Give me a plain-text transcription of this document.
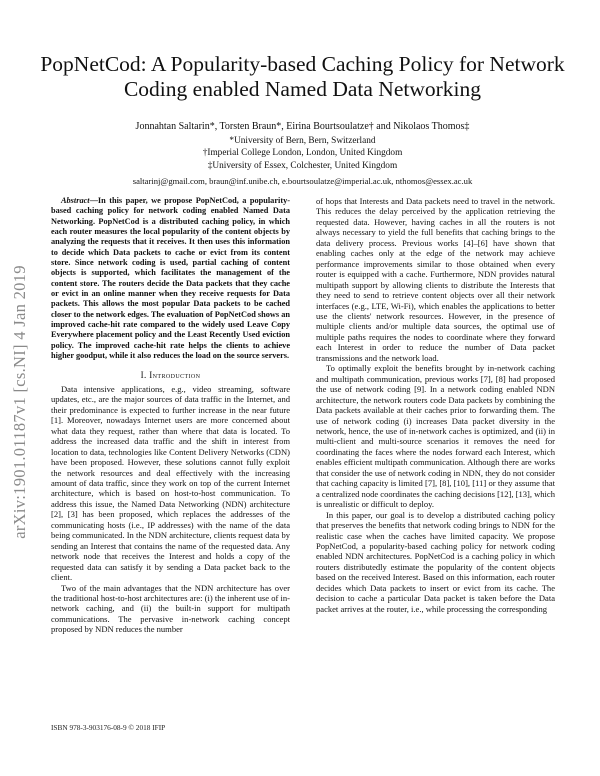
arXiv:1901.01187v1 [cs.NI] 4 Jan 2019
PopNetCod: A Popularity-based Caching Policy for Network Coding enabled Named Data Networking
Jonnahtan Saltarin*, Torsten Braun*, Eirina Bourtsoulatze† and Nikolaos Thomos‡
*University of Bern, Bern, Switzerland
†Imperial College London, London, United Kingdom
‡University of Essex, Colchester, United Kingdom
saltarinj@gmail.com, braun@inf.unibe.ch, e.bourtsoulatze@imperial.ac.uk, nthomos@essex.ac.uk

Abstract—In this paper, we propose PopNetCod, a popularity-based caching policy for network coding enabled Named Data Networking. PopNetCod is a distributed caching policy, in which each router measures the local popularity of the content objects by analyzing the requests that it receives. It then uses this information to decide which Data packets to cache or evict from its content store. Since network coding is used, partial caching of content objects is supported, which facilitates the management of the content store. The routers decide the Data packets that they cache or evict in an online manner when they receive requests for Data packets. This allows the most popular Data packets to be cached closer to the network edges. The evaluation of PopNetCod shows an improved cache-hit rate compared to the widely used Leave Copy Everywhere placement policy and the Least Recently Used eviction policy. The improved cache-hit rate helps the clients to achieve higher goodput, while it also reduces the load on the source servers.

I. Introduction

Data intensive applications, e.g., video streaming, software updates, etc., are the major sources of data traffic in the Internet, and their predominance is expected to further increase in the near future [1]. Moreover, nowadays Internet users are more concerned about what data they request, rather than where that data is located. To address the increased data traffic and the shift in interest from location to data, technologies like Content Delivery Networks (CDN) have been proposed. However, these solutions cannot fully exploit the network resources and deal effectively with the increasing amount of data traffic, since they work on top of the current Internet architecture, which is based on host-to-host communication. To address this issue, the Named Data Networking (NDN) architecture [2], [3] has been proposed, which replaces the addresses of the communicating hosts (i.e., IP addresses) with the name of the data being communicated. In the NDN architecture, clients request data by sending an Interest that contains the name of the requested data. Any network node that receives the Interest and holds a copy of the requested data can satisfy it by sending a Data packet back to the client.

Two of the main advantages that the NDN architecture has over the traditional host-to-host architectures are: (i) the inherent use of in-network caching, and (ii) the built-in support for multipath communications. The pervasive in-network caching concept proposed by NDN reduces the number

of hops that Interests and Data packets need to travel in the network. This reduces the delay perceived by the application retrieving the requested data. However, having caches in all the routers is not always necessary to yield the full benefits that caching brings to the data delivery process. Previous works [4]–[6] have shown that enabling caches only at the edge of the network may achieve performance improvements similar to those obtained when every router is equipped with a cache. Furthermore, NDN provides natural multipath support by allowing clients to distribute the Interests that they need to send to retrieve content objects over all their network interfaces (e.g., LTE, Wi-Fi), which enables the applications to better use the clients' network resources. However, in the presence of multiple clients and/or multiple data sources, the optimal use of multiple paths requires the nodes to coordinate where they forward each Interest in order to reduce the number of Data packet transmissions and the network load.

To optimally exploit the benefits brought by in-network caching and multipath communication, previous works [7], [8] had proposed the use of network coding [9]. In a network coding enabled NDN architecture, the network routers code Data packets by combining the Data packets available at their caches prior to forwarding them. The use of network coding (i) increases Data packet diversity in the network, hence, the use of in-network caches is optimized, and (ii) in multi-client and multi-source scenarios it removes the need for coordinating the faces where the nodes forward each Interest, which enables efficient multipath communication. Although there are works that consider the use of network coding in NDN, they do not consider that caching capacity is limited [7], [8], [10], [11] or they assume that a centralized node coordinates the caching decisions [12], [13], which is unrealistic or difficult to deploy.

In this paper, our goal is to develop a distributed caching policy that preserves the benefits that network coding brings to NDN for the realistic case when the caches have limited capacity. We propose PopNetCod, a popularity-based caching policy for network coding enabled NDN architectures. PopNetCod is a caching policy in which routers distributedly estimate the popularity of the content objects based on the received Interest. Based on this information, each router decides which Data packets to insert or evict from its cache. The decision to cache a particular Data packet is taken before the Data packet arrives at the router, i.e., while processing the corresponding

ISBN 978-3-903176-08-9 © 2018 IFIP
